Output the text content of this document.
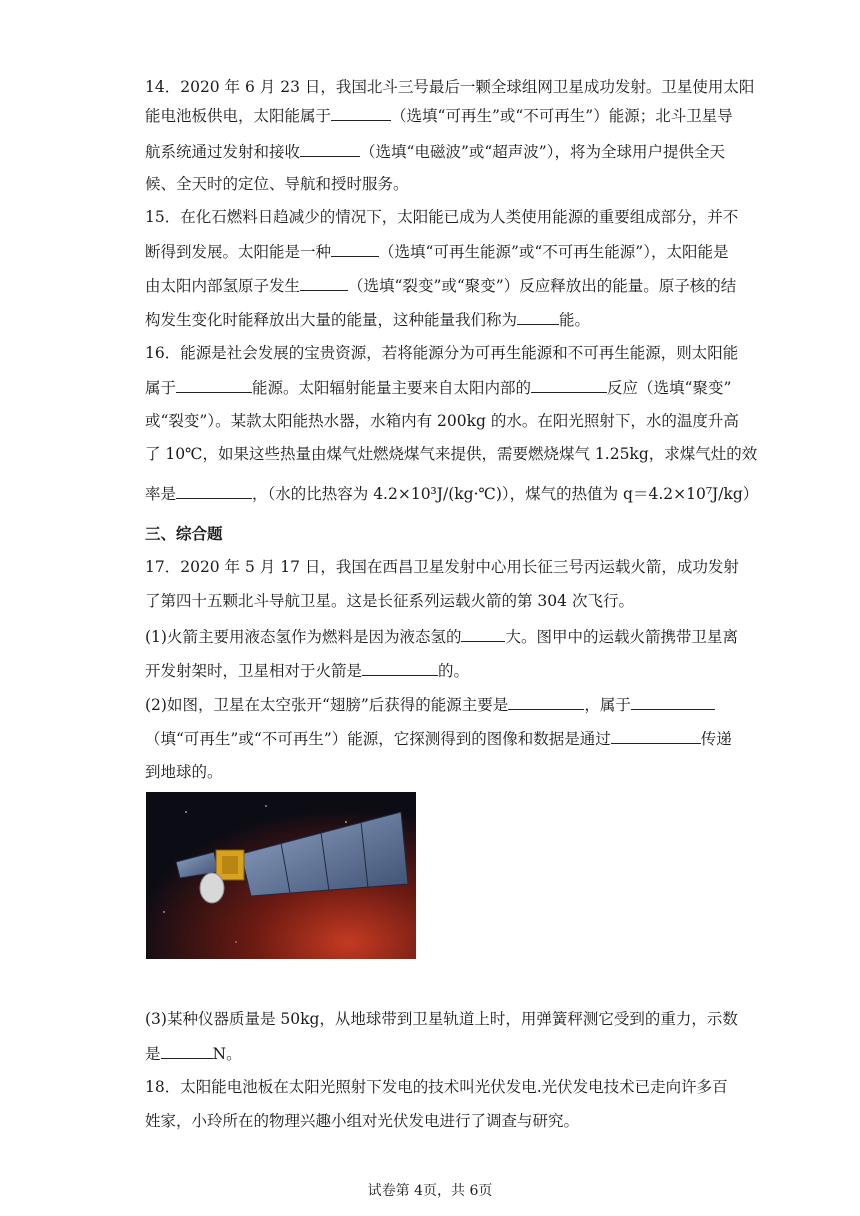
14．2020 年 6 月 23 日，我国北斗三号最后一颗全球组网卫星成功发射。卫星使用太阳
能电池板供电，太阳能属于	（选填“可再生”或“不可再生”）能源；北斗卫星导
航系统通过发射和接收	（选填“电磁波”或“超声波”），将为全球用户提供全天
候、全天时的定位、导航和授时服务。
15．在化石燃料日趋减少的情况下，太阳能已成为人类使用能源的重要组成部分，并不
断得到发展。太阳能是一种	（选填“可再生能源”或“不可再生能源”），太阳能是
由太阳内部氢原子发生	（选填“裂变”或“聚变”）反应释放出的能量。原子核的结
构发生变化时能释放出大量的能量，这种能量我们称为	能。
16．能源是社会发展的宝贵资源，若将能源分为可再生能源和不可再生能源，则太阳能
属于	能源。太阳辐射能量主要来自太阳内部的	反应（选填“聚变”
或“裂变”）。某款太阳能热水器，水箱内有 200kg 的水。在阳光照射下，水的温度升高
了 10℃，如果这些热量由煤气灶燃烧煤气来提供，需要燃烧煤气 1.25kg，求煤气灶的效
率是	，（水的比热容为 4.2×10³J/(kg·℃)），煤气的热值为 q＝4.2×10⁷J/kg）
三、综合题
17．2020 年 5 月 17 日，我国在西昌卫星发射中心用长征三号丙运载火箭，成功发射
了第四十五颗北斗导航卫星。这是长征系列运载火箭的第 304 次飞行。
(1)火箭主要用液态氢作为燃料是因为液态氢的	大。图甲中的运载火箭携带卫星离
开发射架时，卫星相对于火箭是	的。
(2)如图，卫星在太空张开“翅膀”后获得的能源主要是	，属于
（填“可再生”或“不可再生”）能源，它探测得到的图像和数据是通过	传递
到地球的。
(3)某种仪器质量是 50kg，从地球带到卫星轨道上时，用弹簧秤测它受到的重力，示数
是	N。
18．太阳能电池板在太阳光照射下发电的技术叫光伏发电.光伏发电技术已走向许多百
姓家，小玲所在的物理兴趣小组对光伏发电进行了调查与研究。
试卷第 4页，共 6页
